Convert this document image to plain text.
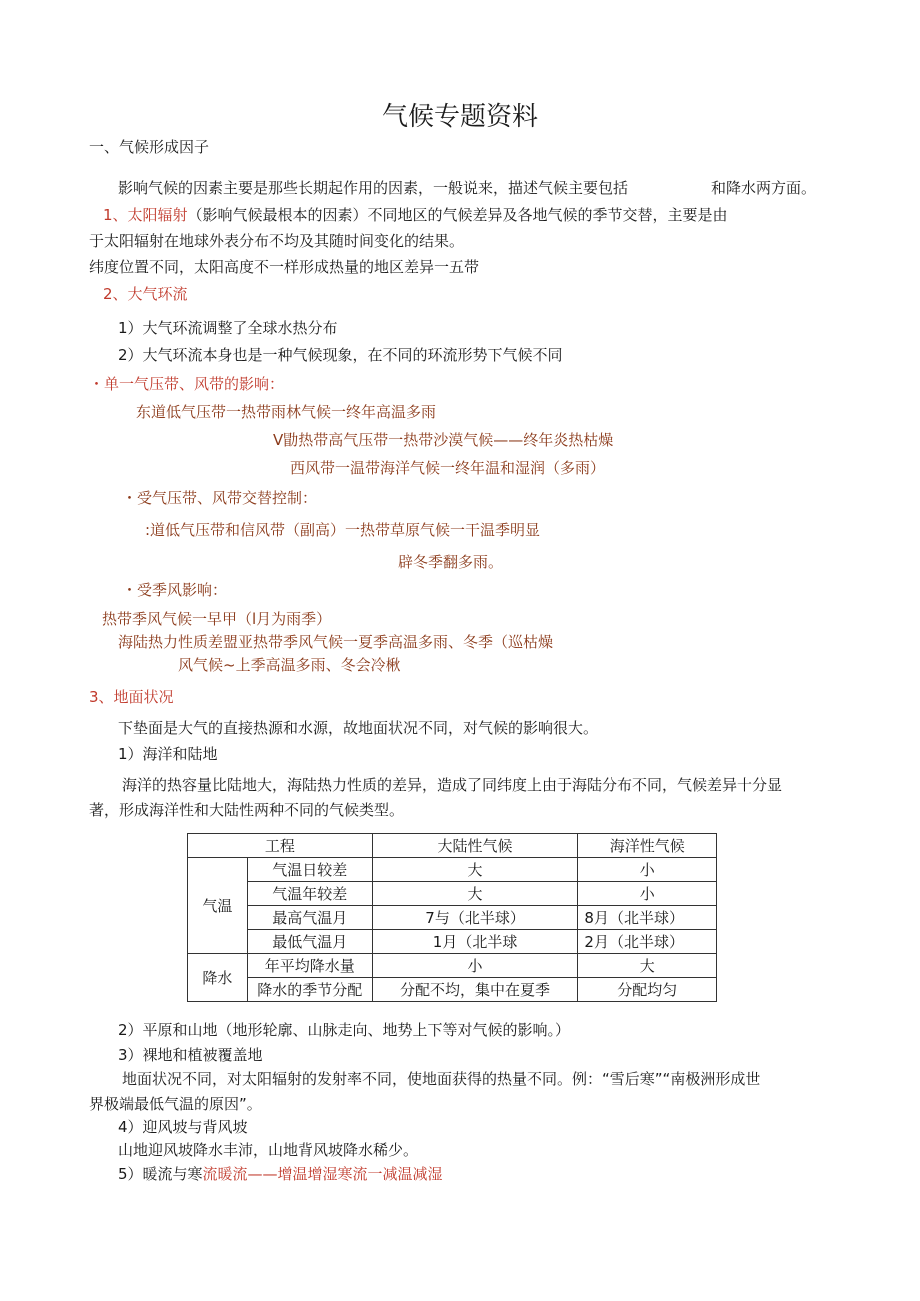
气候专题资料
一、气候形成因子
影响气候的因素主要是那些长期起作用的因素，一般说来，描述气候主要包括	和降水两方面。
1、太阳辐射（影响气候最根本的因素）不同地区的气候差异及各地气候的季节交替，主要是由
于太阳辐射在地球外表分布不均及其随时间变化的结果。
纬度位置不同，太阳高度不一样形成热量的地区差异一五带
2、大气环流
1）大气环流调整了全球水热分布
2）大气环流本身也是一种气候现象，在不同的环流形势下气候不同
・单一气压带、风带的影响：
东道低气压带一热带雨林气候一终年高温多雨
V勖热带高气压带一热带沙漠气候——终年炎热枯燥
西风带一温带海洋气候一终年温和湿润（多雨）
・受气压带、风带交替控制：
:道低气压带和信风带（副高）一热带草原气候一干温季明显
辟冬季翻多雨。
・受季风影响：
热带季风气候一早甲（l月为雨季）
海陆热力性质差盟亚热带季风气候一夏季高温多雨、冬季（巡枯燥
风气候~上季高温多雨、冬会冷楸
3、地面状况
下垫面是大气的直接热源和水源，故地面状况不同，对气候的影响很大。
1）海洋和陆地
海洋的热容量比陆地大，海陆热力性质的差异，造成了同纬度上由于海陆分布不同，气候差异十分显
著，形成海洋性和大陆性两种不同的气候类型。
工程		大陆性气候	海洋性气候
气温	气温日较差	大	小
	气温年较差	大	小
	最高气温月	7与（北半球）	8月（北半球）
	最低气温月	1月（北半球	2月（北半球）
降水	年平均降水量	小	大
	降水的季节分配	分配不均，集中在夏季	分配均匀
2）平原和山地（地形轮廓、山脉走向、地势上下等对气候的影响。）
3）裸地和植被覆盖地
地面状况不同，对太阳辐射的发射率不同，使地面获得的热量不同。例：“雪后寒”“南极洲形成世
界极端最低气温的原因”。
4）迎风坡与背风坡
山地迎风坡降水丰沛，山地背风坡降水稀少。
5）暖流与寒流暖流——增温增湿寒流一减温减湿
